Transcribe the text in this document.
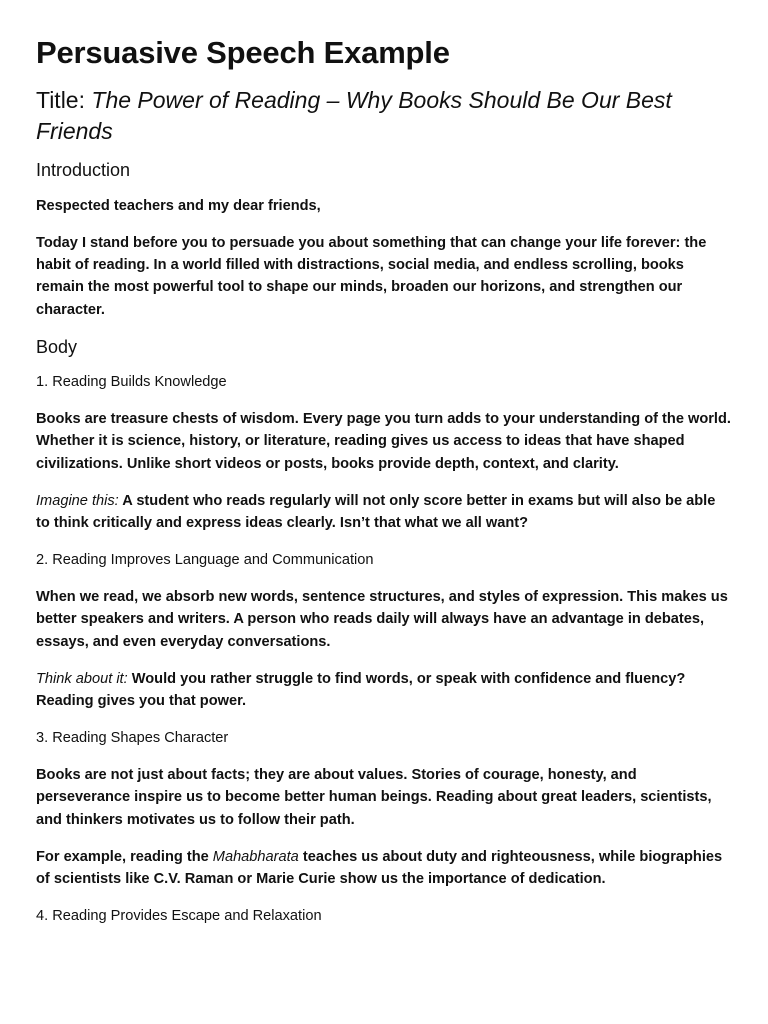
Persuasive Speech Example
Title: The Power of Reading – Why Books Should Be Our Best Friends
Introduction

Respected teachers and my dear friends,

Today I stand before you to persuade you about something that can change your life forever: the habit of reading. In a world filled with distractions, social media, and endless scrolling, books remain the most powerful tool to shape our minds, broaden our horizons, and strengthen our character.

Body

1. Reading Builds Knowledge

Books are treasure chests of wisdom. Every page you turn adds to your understanding of the world. Whether it is science, history, or literature, reading gives us access to ideas that have shaped civilizations. Unlike short videos or posts, books provide depth, context, and clarity.

Imagine this: A student who reads regularly will not only score better in exams but will also be able to think critically and express ideas clearly. Isn’t that what we all want?

2. Reading Improves Language and Communication

When we read, we absorb new words, sentence structures, and styles of expression. This makes us better speakers and writers. A person who reads daily will always have an advantage in debates, essays, and even everyday conversations.

Think about it: Would you rather struggle to find words, or speak with confidence and fluency? Reading gives you that power.

3. Reading Shapes Character

Books are not just about facts; they are about values. Stories of courage, honesty, and perseverance inspire us to become better human beings. Reading about great leaders, scientists, and thinkers motivates us to follow their path.

For example, reading the Mahabharata teaches us about duty and righteousness, while biographies of scientists like C.V. Raman or Marie Curie show us the importance of dedication.

4. Reading Provides Escape and Relaxation
